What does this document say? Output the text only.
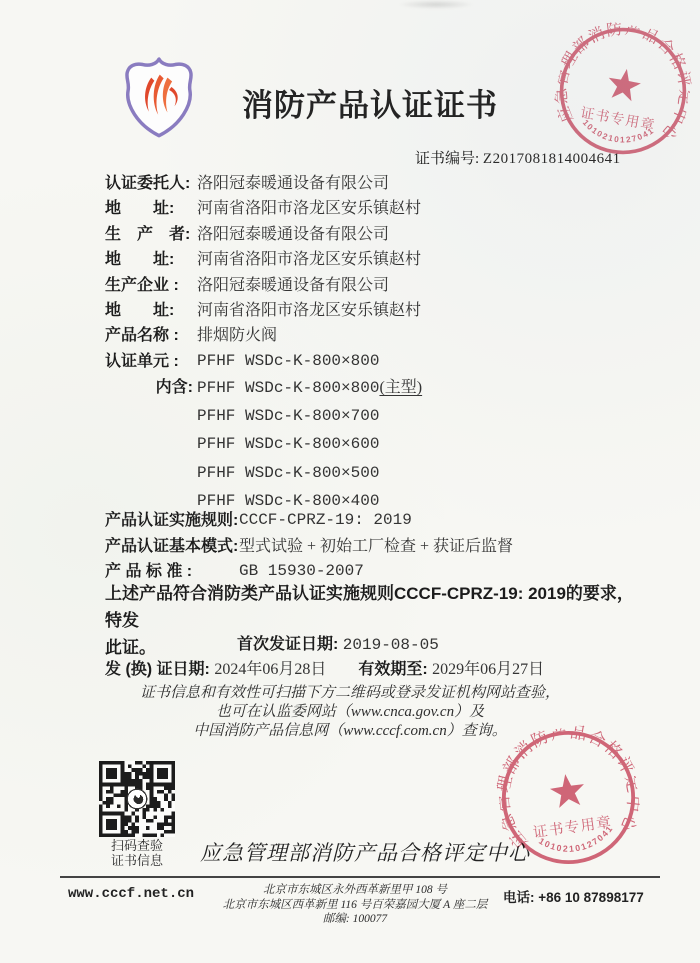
消防产品认证证书
证书编号: Z2017081814004641
认证委托人: 洛阳冠泰暖通设备有限公司
地　　址:	河南省洛阳市洛龙区安乐镇赵村
生　产　者: 洛阳冠泰暖通设备有限公司
地　　址:	河南省洛阳市洛龙区安乐镇赵村
生产企业 :	洛阳冠泰暖通设备有限公司
地　　址:	河南省洛阳市洛龙区安乐镇赵村
产品名称 :	排烟防火阀
认证单元 :	PFHF WSDc-K-800×800
内含: PFHF WSDc-K-800×800 (主型)
PFHF WSDc-K-800×700
PFHF WSDc-K-800×600
PFHF WSDc-K-800×500
PFHF WSDc-K-800×400
产品认证实施规则: CCCF-CPRZ-19: 2019
产品认证基本模式: 型式试验 + 初始工厂检查 + 获证后监督
产 品 标 准 :	GB 15930-2007
上述产品符合消防类产品认证实施规则CCCF-CPRZ-19: 2019的要求，特发
此证。	首次发证日期: 2019-08-05
发 (换) 证日期: 2024年06月28日 有效期至: 2029年06月27日
证书信息和有效性可扫描下方二维码或登录发证机构网站查验，
也可在认监委网站（www.cnca.gov.cn）及
中国消防产品信息网（www.cccf.com.cn）查询。
扫码查验
证书信息	应急管理部消防产品合格评定中心
www.cccf.net.cn	北京市东城区永外西革新里甲 108 号
北京市东城区西革新里 116 号百荣嘉园大厦 A 座二层
邮编: 100077
电话: +86 10 87898177
